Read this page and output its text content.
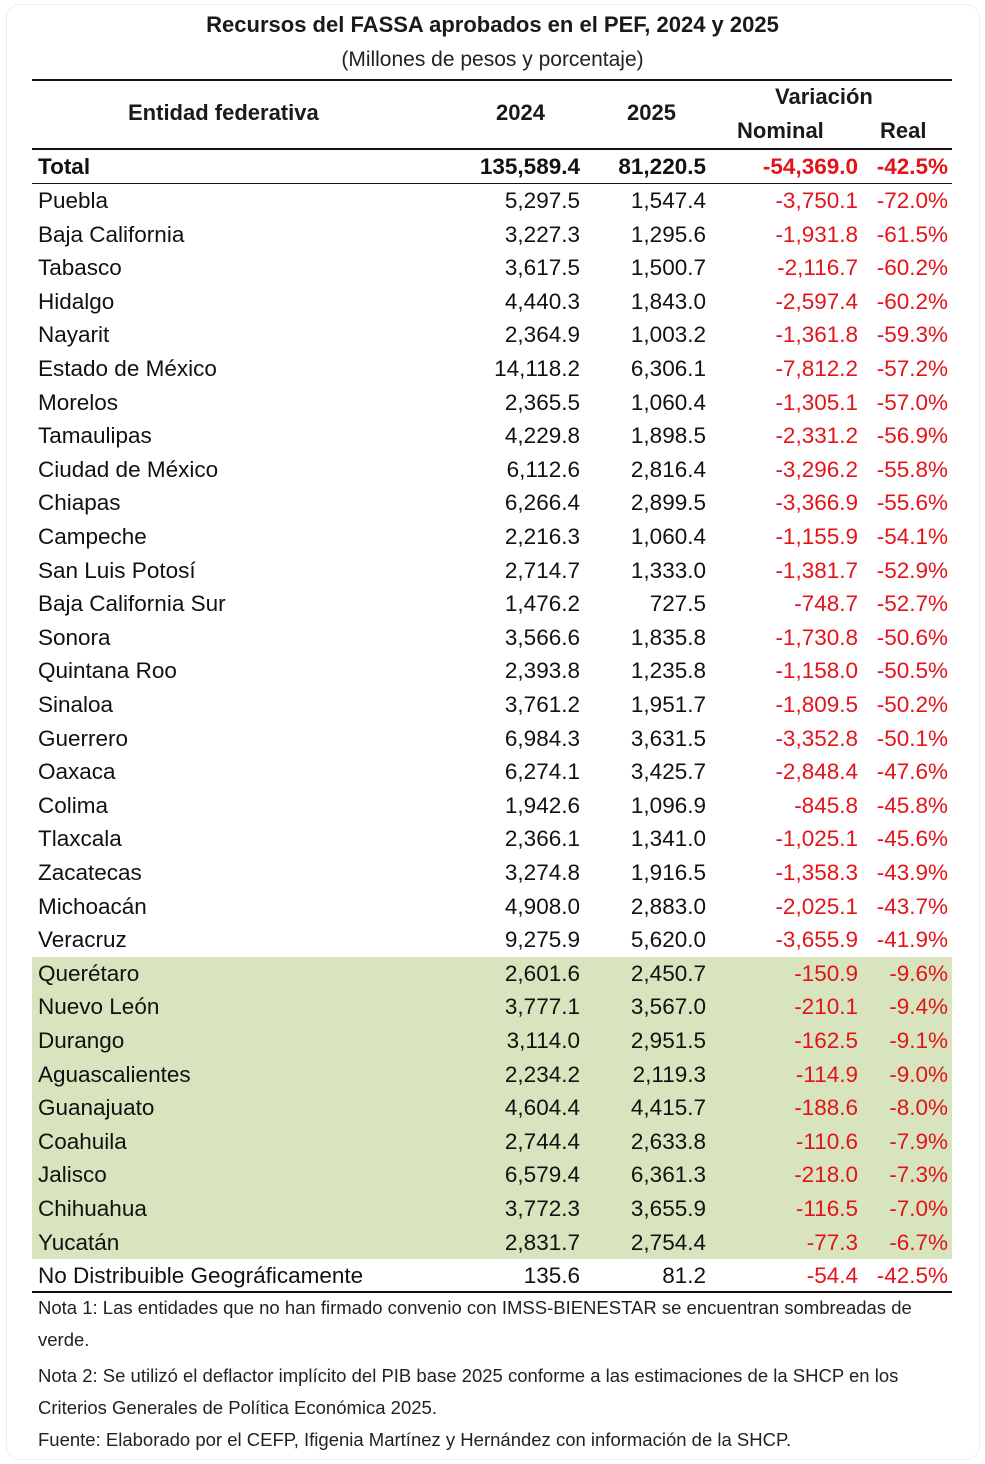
Recursos del FASSA aprobados en el PEF, 2024 y 2025
(Millones de pesos y porcentaje)
Entidad federativa	2024	2025
Variación
Nominal	Real
Total	135,589.4 81,220.5	-54,369.0 -42.5%
Puebla	5,297.5 1,547.4	-3,750.1 -72.0%
Baja California	3,227.3 1,295.6	-1,931.8 -61.5%
Tabasco	3,617.5 1,500.7	-2,116.7 -60.2%
Hidalgo	4,440.3 1,843.0	-2,597.4 -60.2%
Nayarit	2,364.9 1,003.2	-1,361.8 -59.3%
Estado de México	14,118.2 6,306.1	-7,812.2 -57.2%
Morelos	2,365.5 1,060.4	-1,305.1 -57.0%
Tamaulipas	4,229.8 1,898.5	-2,331.2 -56.9%
Ciudad de México	6,112.6 2,816.4	-3,296.2 -55.8%
Chiapas	6,266.4 2,899.5	-3,366.9 -55.6%
Campeche	2,216.3 1,060.4	-1,155.9 -54.1%
San Luis Potosí	2,714.7 1,333.0	-1,381.7 -52.9%
Baja California Sur	1,476.2	727.5	-748.7 -52.7%
Sonora	3,566.6 1,835.8	-1,730.8 -50.6%
Quintana Roo	2,393.8 1,235.8	-1,158.0 -50.5%
Sinaloa	3,761.2 1,951.7	-1,809.5 -50.2%
Guerrero	6,984.3 3,631.5	-3,352.8 -50.1%
Oaxaca	6,274.1 3,425.7	-2,848.4 -47.6%
Colima	1,942.6 1,096.9	-845.8 -45.8%
Tlaxcala	2,366.1 1,341.0	-1,025.1 -45.6%
Zacatecas	3,274.8 1,916.5	-1,358.3 -43.9%
Michoacán	4,908.0 2,883.0	-2,025.1 -43.7%
Veracruz	9,275.9 5,620.0	-3,655.9 -41.9%
Querétaro	2,601.6 2,450.7	-150.9 -9.6%
Nuevo León	3,777.1 3,567.0	-210.1 -9.4%
Durango	3,114.0 2,951.5	-162.5 -9.1%
Aguascalientes	2,234.2 2,119.3	-114.9 -9.0%
Guanajuato	4,604.4 4,415.7	-188.6 -8.0%
Coahuila	2,744.4 2,633.8	-110.6 -7.9%
Jalisco	6,579.4 6,361.3	-218.0 -7.3%
Chihuahua	3,772.3 3,655.9	-116.5 -7.0%
Yucatán	2,831.7 2,754.4	-77.3 -6.7%
No Distribuible Geográficamente	135.6	81.2	-54.4 -42.5%
Nota 1: Las entidades que no han firmado convenio con IMSS-BIENESTAR se encuentran sombreadas de verde.
Nota 2: Se utilizó el deflactor implícito del PIB base 2025 conforme a las estimaciones de la SHCP en los Criterios Generales de Política Económica 2025.
Fuente: Elaborado por el CEFP, Ifigenia Martínez y Hernández con información de la SHCP.
